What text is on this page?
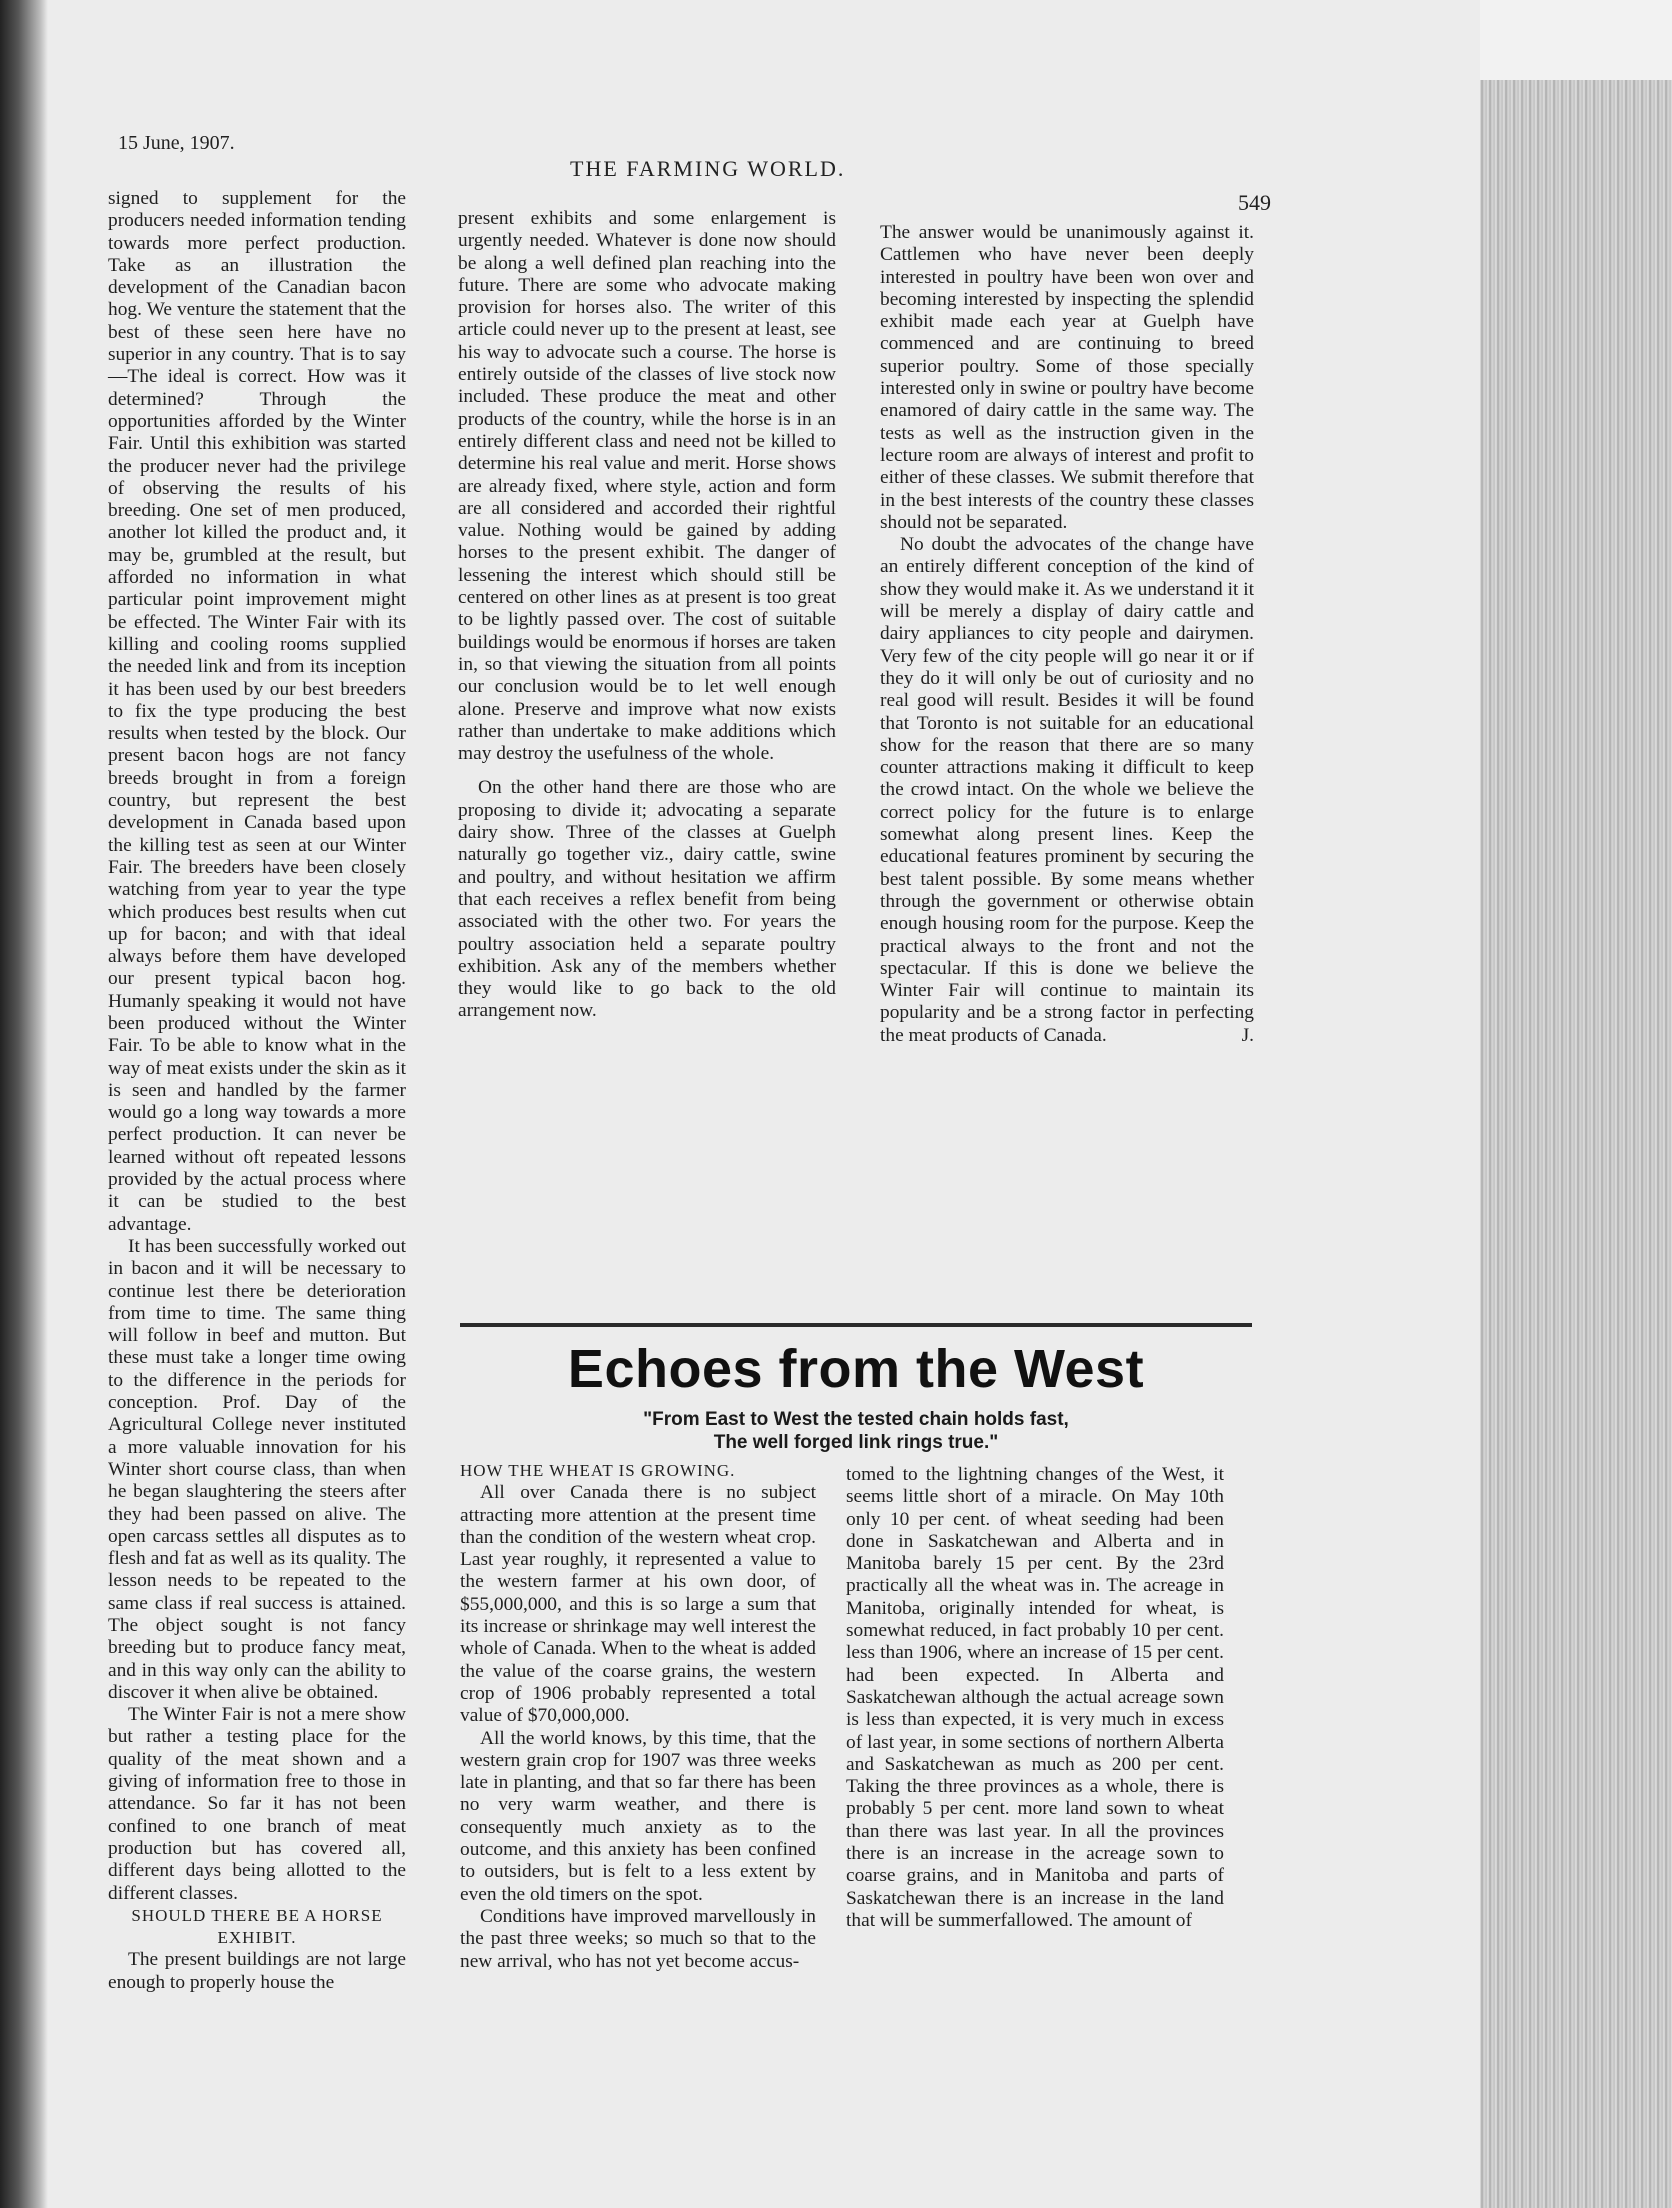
15 June, 1907.
THE FARMING WORLD.
549

signed to supplement for the producers needed information tending towards more perfect production. Take as an illustration the development of the Canadian bacon hog. We venture the statement that the best of these seen here have no superior in any country. That is to say—The ideal is correct. How was it determined? Through the opportunities afforded by the Winter Fair. Until this exhibition was started the producer never had the privilege of observing the results of his breeding. One set of men produced, another lot killed the product and, it may be, grumbled at the result, but afforded no information in what particular point improvement might be effected. The Winter Fair with its killing and cooling rooms supplied the needed link and from its inception it has been used by our best breeders to fix the type producing the best results when tested by the block. Our present bacon hogs are not fancy breeds brought in from a foreign country, but represent the best development in Canada based upon the killing test as seen at our Winter Fair. The breeders have been closely watching from year to year the type which produces best results when cut up for bacon; and with that ideal always before them have developed our present typical bacon hog. Humanly speaking it would not have been produced without the Winter Fair. To be able to know what in the way of meat exists under the skin as it is seen and handled by the farmer would go a long way towards a more perfect production. It can never be learned without oft repeated lessons provided by the actual process where it can be studied to the best advantage.

It has been successfully worked out in bacon and it will be necessary to continue lest there be deterioration from time to time. The same thing will follow in beef and mutton. But these must take a longer time owing to the difference in the periods for conception. Prof. Day of the Agricultural College never instituted a more valuable innovation for his Winter short course class, than when he began slaughtering the steers after they had been passed on alive. The open carcass settles all disputes as to flesh and fat as well as its quality. The lesson needs to be repeated to the same class if real success is attained. The object sought is not fancy breeding but to produce fancy meat, and in this way only can the ability to discover it when alive be obtained.

The Winter Fair is not a mere show but rather a testing place for the quality of the meat shown and a giving of information free to those in attendance. So far it has not been confined to one branch of meat production but has covered all, different days being allotted to the different classes.

SHOULD THERE BE A HORSE EXHIBIT.

The present buildings are not large enough to properly house the

present exhibits and some enlargement is urgently needed. Whatever is done now should be along a well defined plan reaching into the future. There are some who advocate making provision for horses also. The writer of this article could never up to the present at least, see his way to advocate such a course. The horse is entirely outside of the classes of live stock now included. These produce the meat and other products of the country, while the horse is in an entirely different class and need not be killed to determine his real value and merit. Horse shows are already fixed, where style, action and form are all considered and accorded their rightful value. Nothing would be gained by adding horses to the present exhibit. The danger of lessening the interest which should still be centered on other lines as at present is too great to be lightly passed over. The cost of suitable buildings would be enormous if horses are taken in, so that viewing the situation from all points our conclusion would be to let well enough alone. Preserve and improve what now exists rather than undertake to make additions which may destroy the usefulness of the whole.

On the other hand there are those who are proposing to divide it; advocating a separate dairy show. Three of the classes at Guelph naturally go together viz., dairy cattle, swine and poultry, and without hesitation we affirm that each receives a reflex benefit from being associated with the other two. For years the poultry association held a separate poultry exhibition. Ask any of the members whether they would like to go back to the old arrangement now.

The answer would be unanimously against it. Cattlemen who have never been deeply interested in poultry have been won over and becoming interested by inspecting the splendid exhibit made each year at Guelph have commenced and are continuing to breed superior poultry. Some of those specially interested only in swine or poultry have become enamored of dairy cattle in the same way. The tests as well as the instruction given in the lecture room are always of interest and profit to either of these classes. We submit therefore that in the best interests of the country these classes should not be separated.

No doubt the advocates of the change have an entirely different conception of the kind of show they would make it. As we understand it it will be merely a display of dairy cattle and dairy appliances to city people and dairymen. Very few of the city people will go near it or if they do it will only be out of curiosity and no real good will result. Besides it will be found that Toronto is not suitable for an educational show for the reason that there are so many counter attractions making it difficult to keep the crowd intact. On the whole we believe the correct policy for the future is to enlarge somewhat along present lines. Keep the educational features prominent by securing the best talent possible. By some means whether through the government or otherwise obtain enough housing room for the purpose. Keep the practical always to the front and not the spectacular. If this is done we believe the Winter Fair will continue to maintain its popularity and be a strong factor in perfecting the meat products of Canada.	J.

Echoes from the West
"From East to West the tested chain holds fast,
The well forged link rings true."

HOW THE WHEAT IS GROWING.

All over Canada there is no subject attracting more attention at the present time than the condition of the western wheat crop. Last year roughly, it represented a value to the western farmer at his own door, of $55,000,000, and this is so large a sum that its increase or shrinkage may well interest the whole of Canada. When to the wheat is added the value of the coarse grains, the western crop of 1906 probably represented a total value of $70,000,000.

All the world knows, by this time, that the western grain crop for 1907 was three weeks late in planting, and that so far there has been no very warm weather, and there is consequently much anxiety as to the outcome, and this anxiety has been confined to outsiders, but is felt to a less extent by even the old timers on the spot.

Conditions have improved marvellously in the past three weeks; so much so that to the new arrival, who has not yet become accus-

tomed to the lightning changes of the West, it seems little short of a miracle. On May 10th only 10 per cent. of wheat seeding had been done in Saskatchewan and Alberta and in Manitoba barely 15 per cent. By the 23rd practically all the wheat was in. The acreage in Manitoba, originally intended for wheat, is somewhat reduced, in fact probably 10 per cent. less than 1906, where an increase of 15 per cent. had been expected. In Alberta and Saskatchewan although the actual acreage sown is less than expected, it is very much in excess of last year, in some sections of northern Alberta and Saskatchewan as much as 200 per cent. Taking the three provinces as a whole, there is probably 5 per cent. more land sown to wheat than there was last year. In all the provinces there is an increase in the acreage sown to coarse grains, and in Manitoba and parts of Saskatchewan there is an increase in the land that will be summerfallowed. The amount of
